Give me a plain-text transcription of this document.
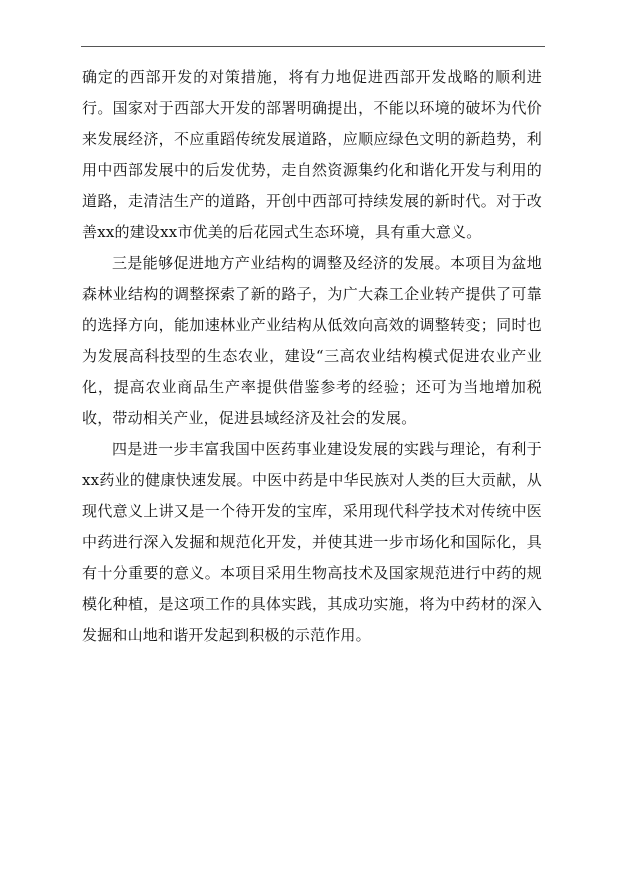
确定的西部开发的对策措施，将有力地促进西部开发战略的顺利进行。国家对于西部大开发的部署明确提出，不能以环境的破坏为代价来发展经济，不应重蹈传统发展道路，应顺应绿色文明的新趋势，利用中西部发展中的后发优势，走自然资源集约化和谐化开发与利用的道路，走清洁生产的道路，开创中西部可持续发展的新时代。对于改善xx的建设xx市优美的后花园式生态环境，具有重大意义。

三是能够促进地方产业结构的调整及经济的发展。本项目为盆地森林业结构的调整探索了新的路子，为广大森工企业转产提供了可靠的选择方向，能加速林业产业结构从低效向高效的调整转变；同时也为发展高科技型的生态农业，建设“三高农业结构模式促进农业产业化，提高农业商品生产率提供借鉴参考的经验；还可为当地增加税收，带动相关产业，促进县域经济及社会的发展。

四是进一步丰富我国中医药事业建设发展的实践与理论，有利于xx药业的健康快速发展。中医中药是中华民族对人类的巨大贡献，从现代意义上讲又是一个待开发的宝库，采用现代科学技术对传统中医中药进行深入发掘和规范化开发，并使其进一步市场化和国际化，具有十分重要的意义。本项目采用生物高技术及国家规范进行中药的规模化种植，是这项工作的具体实践，其成功实施，将为中药材的深入发掘和山地和谐开发起到积极的示范作用。
